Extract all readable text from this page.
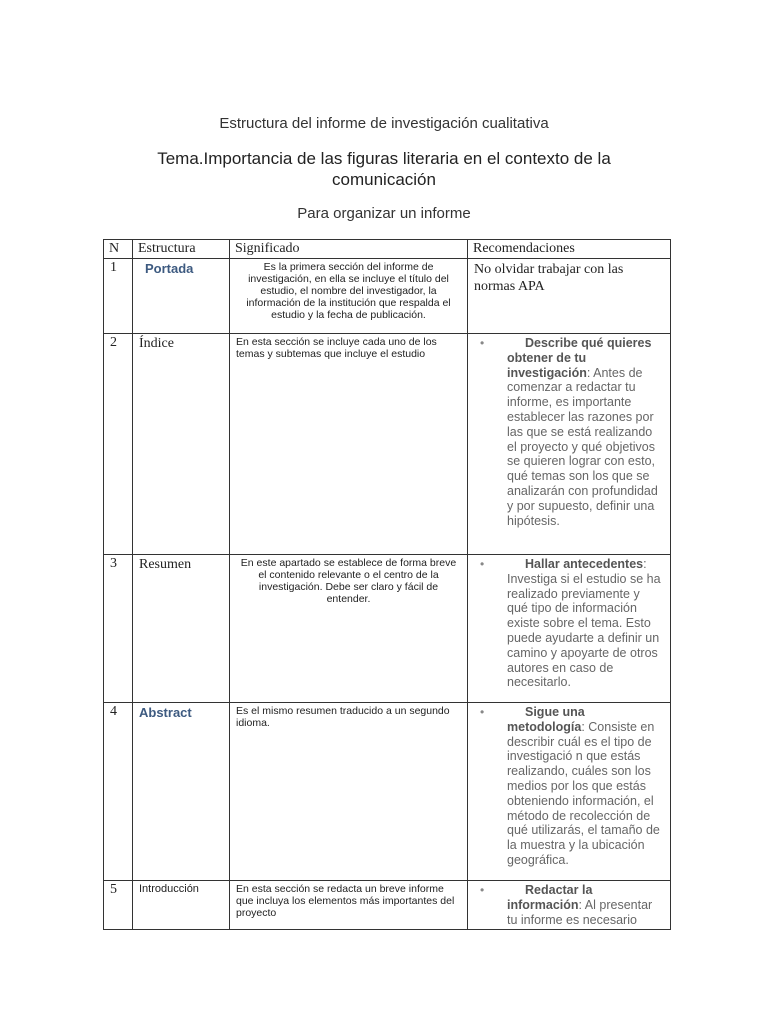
Estructura del informe de investigación cualitativa
Tema.Importancia de las figuras literaria en el contexto de la comunicación
Para organizar un informe
N	Estructura	Significado	Recomendaciones
1	Portada	Es la primera sección del informe de investigación, en ella se incluye el título del estudio, el nombre del investigador, la información de la institución que respalda el estudio y la fecha de publicación.	No olvidar trabajar con las normas APA
2	Índice	En esta sección se incluye cada uno de los temas y subtemas que incluye el estudio	• Describe qué quieres obtener de tu investigación: Antes de comenzar a redactar tu informe, es importante establecer las razones por las que se está realizando el proyecto y qué objetivos se quieren lograr con esto, qué temas son los que se analizarán con profundidad y por supuesto, definir una hipótesis.

3	Resumen	En este apartado se establece de forma breve el contenido relevante o el centro de la investigación. Debe ser claro y fácil de entender.	• Hallar antecedentes: Investiga si el estudio se ha realizado previamente y qué tipo de información existe sobre el tema. Esto puede ayudarte a definir un camino y apoyarte de otros autores en caso de necesitarlo.

4	Abstract	Es el mismo resumen traducido a un segundo idioma.	• Sigue una metodología: Consiste en describir cuál es el tipo de investigació n que estás realizando, cuáles son los medios por los que estás obteniendo información, el método de recolección de qué utilizarás, el tamaño de la muestra y la ubicación geográfica.

5	Introducción	En esta sección se redacta un breve informe que incluya los elementos más importantes del proyecto	• Redactar la información: Al presentar tu informe es necesario
